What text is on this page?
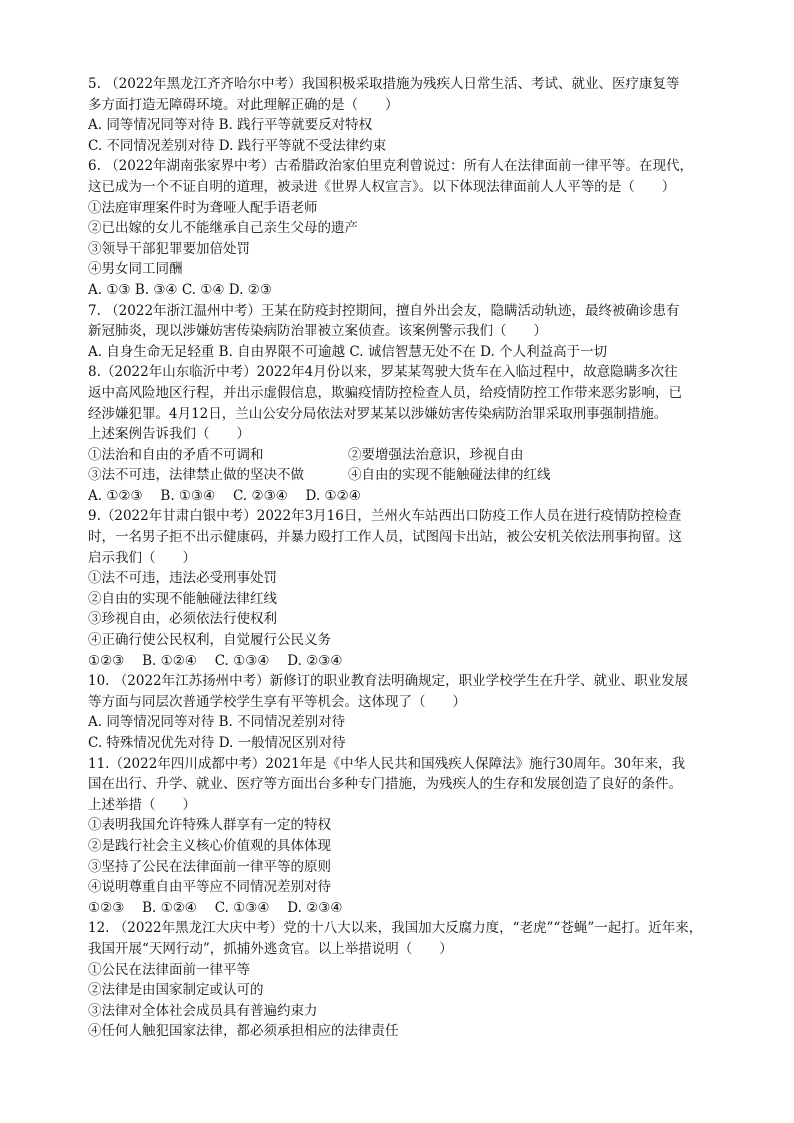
5. （2022年黑龙江齐齐哈尔中考）我国积极采取措施为残疾人日常生活、考试、就业、医疗康复等
多方面打造无障碍环境。对此理解正确的是（　　）
A. 同等情况同等对待 B. 践行平等就要反对特权
C. 不同情况差别对待 D. 践行平等就不受法律约束
6. （2022年湖南张家界中考）古希腊政治家伯里克利曾说过：所有人在法律面前一律平等。在现代，
这已成为一个不证自明的道理，被录进《世界人权宣言》。以下体现法律面前人人平等的是（　　）
①法庭审理案件时为聋哑人配手语老师
②已出嫁的女儿不能继承自己亲生父母的遗产
③领导干部犯罪要加倍处罚
④男女同工同酬
A. ①③ B. ③④ C. ①④ D. ②③
7. （2022年浙江温州中考）王某在防疫封控期间，擅自外出会友，隐瞒活动轨迹，最终被确诊患有
新冠肺炎，现以涉嫌妨害传染病防治罪被立案侦查。该案例警示我们（　　）
A. 自身生命无足轻重 B. 自由界限不可逾越 C. 诚信智慧无处不在 D. 个人利益高于一切
8.（2022年山东临沂中考）2022年4月份以来，罗某某驾驶大货车在入临过程中，故意隐瞒多次往
返中高风险地区行程，并出示虚假信息，欺骗疫情防控检查人员，给疫情防控工作带来恶劣影响，已
经涉嫌犯罪。4月12日，兰山公安分局依法对罗某某以涉嫌妨害传染病防治罪采取刑事强制措施。
上述案例告诉我们（　　）
①法治和自由的矛盾不可调和	②要增强法治意识，珍视自由
③法不可违，法律禁止做的坚决不做	④自由的实现不能触碰法律的红线
A. ①②③　 B. ①③④　 C. ②③④　 D. ①②④
9.（2022年甘肃白银中考）2022年3月16日，兰州火车站西出口防疫工作人员在进行疫情防控检查
时，一名男子拒不出示健康码，并暴力殴打工作人员，试图闯卡出站，被公安机关依法刑事拘留。这
启示我们（　　）
①法不可违，违法必受刑事处罚
②自由的实现不能触碰法律红线
③珍视自由，必须依法行使权利
④正确行使公民权利，自觉履行公民义务
①②③　 B. ①②④　 C. ①③④　 D. ②③④
10. （2022年江苏扬州中考）新修订的职业教育法明确规定，职业学校学生在升学、就业、职业发展
等方面与同层次普通学校学生享有平等机会。这体现了（　　）
A. 同等情况同等对待 B. 不同情况差别对待
C. 特殊情况优先对待 D. 一般情况区别对待
11.（2022年四川成都中考）2021年是《中华人民共和国残疾人保障法》施行30周年。30年来，我
国在出行、升学、就业、医疗等方面出台多种专门措施，为残疾人的生存和发展创造了良好的条件。
上述举措（　　）
①表明我国允许特殊人群享有一定的特权
②是践行社会主义核心价值观的具体体现
③坚持了公民在法律面前一律平等的原则
④说明尊重自由平等应不同情况差别对待
①②③　 B. ①②④　 C. ①③④　 D. ②③④
12. （2022年黑龙江大庆中考）党的十八大以来，我国加大反腐力度，“老虎”“苍蝇”一起打。近年来，
我国开展“天网行动”，抓捕外逃贪官。以上举措说明（　　）
①公民在法律面前一律平等
②法律是由国家制定或认可的
③法律对全体社会成员具有普遍约束力
④任何人触犯国家法律，都必须承担相应的法律责任
